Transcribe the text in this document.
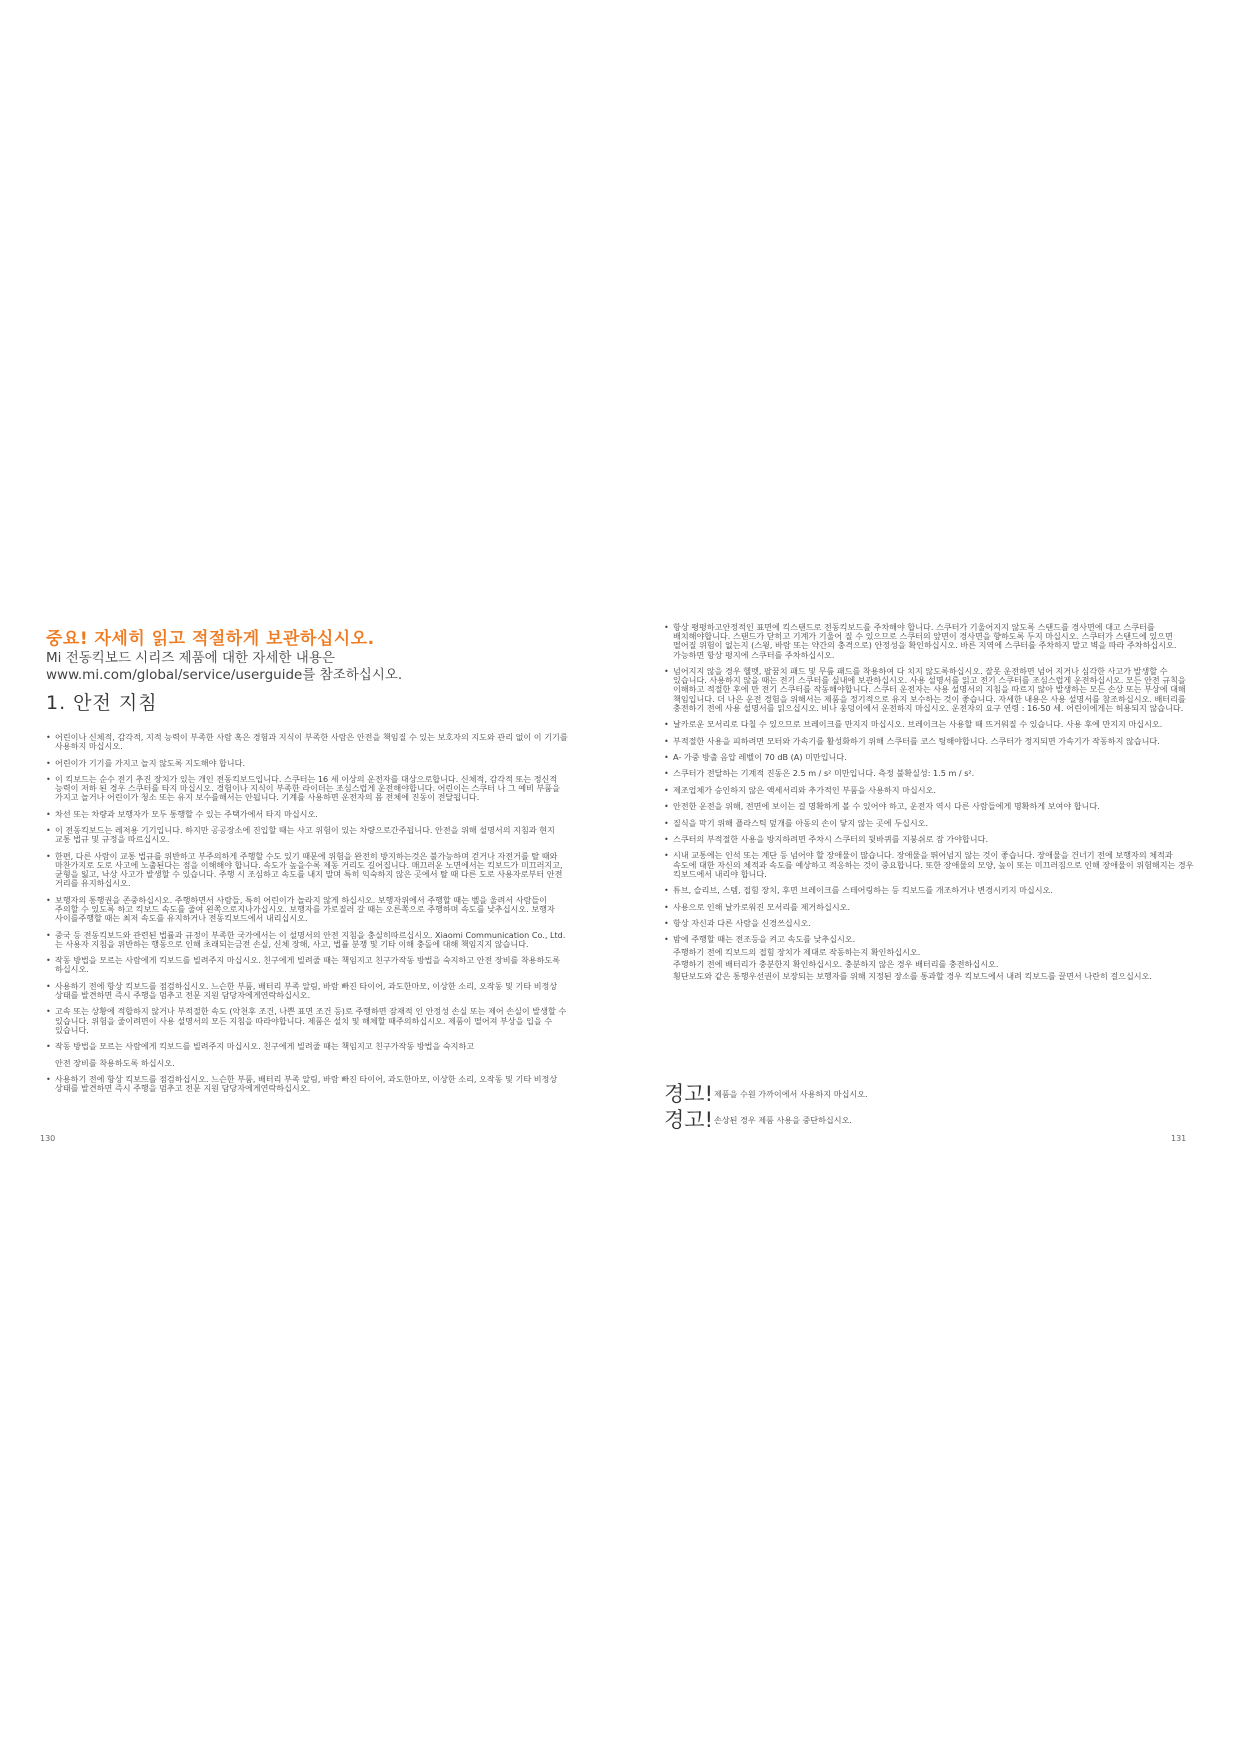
중요! 자세히 읽고 적절하게 보관하십시오.
Mi 전동킥보드 시리즈 제품에 대한 자세한 내용은
www.mi.com/global/service/userguide를 참조하십시오.
1. 안전 지침
• 어린이나 신체적, 감각적, 지적 능력이 부족한 사람 혹은 경험과 지식이 부족한 사람은 안전을 책임질 수 있는 보호자의 지도와 관리 없이 이 기기를 사용하지 마십시오.
• 어린이가 기기를 가지고 놀지 않도록 지도해야 합니다.
• 이 킥보드는 순수 전기 추진 장치가 있는 개인 전동킥보드입니다. 스쿠터는 16 세 이상의 운전자를 대상으로합니다. 신체적, 감각적 또는 정신적 능력이 저하 된 경우 스쿠터를 타지 마십시오. 경험이나 지식이 부족한 라이더는 조심스럽게 운전해야합니다. 어린이는 스쿠터 나 그 예비 부품을 가지고 놀거나 어린이가 청소 또는 유지 보수를해서는 안됩니다. 기계를 사용하면 운전자의 몸 전체에 진동이 전달됩니다.
• 차선 또는 차량과 보행자가 모두 통행할 수 있는 주택가에서 타지 마십시오.
• 이 전동킥보드는 레저용 기기입니다. 하지만 공공장소에 진입할 때는 사고 위험이 있는 차량으로간주됩니다. 안전을 위해 설명서의 지침과 현지 교통 법규 및 규정을 따르십시오.
• 한편, 다른 사람이 교통 법규를 위반하고 부주의하게 주행할 수도 있기 때문에 위험을 완전히 방지하는것은 불가능하며 걷거나 자전거를 탈 때와 마찬가지로 도로 사고에 노출된다는 점을 이해해야 합니다. 속도가 높을수록 제동 거리도 길어집니다. 매끄러운 노면에서는 킥보드가 미끄러지고, 균형을 잃고, 낙상 사고가 발생할 수 있습니다. 주행 시 조심하고 속도를 내지 말며 특히 익숙하지 않은 곳에서 탈 때 다른 도로 사용자로부터 안전 거리를 유지하십시오.
• 보행자의 통행권을 존중하십시오. 주행하면서 사람들, 특히 어린이가 놀라지 않게 하십시오. 보행자위에서 주행할 때는 벨을 울려서 사람들이 주의할 수 있도록 하고 킥보드 속도를 줄여 왼쪽으로지나가십시오. 보행자를 가로질러 갈 때는 오른쪽으로 주행하며 속도를 낮추십시오. 보행자 사이를주행할 때는 최저 속도를 유지하거나 전동킥보드에서 내리십시오.
• 중국 등 전동킥보드와 관련된 법률과 규정이 부족한 국가에서는 이 설명서의 안전 지침을 충실히따르십시오. Xiaomi Communication Co., Ltd.는 사용자 지침을 위반하는 행동으로 인해 초래되는금전 손실, 신체 장해, 사고, 법률 분쟁 및 기타 이해 충돌에 대해 책임지지 않습니다.
• 작동 방법을 모르는 사람에게 킥보드를 빌려주지 마십시오. 친구에게 빌려줄 때는 책임지고 친구가작동 방법을 숙지하고 안전 장비를 착용하도록 하십시오.
• 사용하기 전에 항상 킥보드를 점검하십시오. 느슨한 부품, 배터리 부족 알림, 바람 빠진 타이어, 과도한마모, 이상한 소리, 오작동 및 기타 비정상 상태를 발견하면 즉시 주행을 멈추고 전문 지원 담당자에게연락하십시오.
• 고속 또는 상황에 적합하지 않거나 부적절한 속도 (악천후 조건, 나쁜 표면 조건 등)로 주행하면 잠재적 인 안정성 손실 또는 제어 손실이 발생할 수 있습니다. 위험을 줄이려면이 사용 설명서의 모든 지침을 따라야합니다. 제품은 설치 및 해체할 때주의하십시오. 제품이 떨어져 부상을 입을 수 있습니다.
• 작동 방법을 모르는 사람에게 킥보드를 빌려주지 마십시오. 친구에게 빌려줄 때는 책임지고 친구가작동 방법을 숙지하고
안전 장비를 착용하도록 하십시오.
• 사용하기 전에 항상 킥보드를 점검하십시오. 느슨한 부품, 배터리 부족 알림, 바람 빠진 타이어, 과도한마모, 이상한 소리, 오작동 및 기타 비정상 상태를 발견하면 즉시 주행을 멈추고 전문 지원 담당자에게연락하십시오.
130
• 항상 평평하고안정적인 표면에 킥스탠드로 전동킥보드를 주차해야 합니다. 스쿠터가 기울어지지 않도록 스탠드를 경사면에 대고 스쿠터를 배치해야합니다. 스탠드가 닫히고 기계가 기울어 질 수 있으므로 스쿠터의 앞면이 경사면을 향하도록 두지 마십시오. 스쿠터가 스탠드에 있으면 떨어질 위험이 없는지 (스윙, 바람 또는 약간의 충격으로) 안정성을 확인하십시오. 바른 지역에 스쿠터를 주차하지 말고 벽을 따라 주차하십시오. 가능하면 항상 평지에 스쿠터를 주차하십시오.
• 넘어지지 않을 경우 헬멧, 팔꿈치 패드 및 무릎 패드를 착용하여 다 치지 않도록하십시오. 잘못 운전하면 넘어 지거나 심각한 사고가 발생할 수 있습니다. 사용하지 않을 때는 전기 스쿠터를 실내에 보관하십시오. 사용 설명서를 읽고 전기 스쿠터를 조심스럽게 운전하십시오. 모든 안전 규칙을 이해하고 적절한 후에 만 전기 스쿠터를 작동해야합니다. 스쿠터 운전자는 사용 설명서의 지침을 따르지 않아 발생하는 모든 손상 또는 부상에 대해 책임입니다. 더 나은 운전 경험을 위해서는 제품을 정기적으로 유지 보수하는 것이 좋습니다. 자세한 내용은 사용 설명서를 참조하십시오. 배터리를 충전하기 전에 사용 설명서를 읽으십시오. 비나 웅덩이에서 운전하지 마십시오. 운전자의 요구 연령 : 16-50 세. 어린이에게는 허용되지 않습니다.
• 날카로운 모서리로 다칠 수 있으므로 브레이크를 만지지 마십시오. 브레이크는 사용할 때 뜨거워질 수 있습니다. 사용 후에 만지지 마십시오.
• 부적절한 사용을 피하려면 모터와 가속기를 활성화하기 위해 스쿠터를 코스 팅해야합니다. 스쿠터가 정지되면 가속기가 작동하지 않습니다.
• A- 가중 방출 음압 레벨이 70 dB (A) 미만입니다.
• 스쿠터가 전달하는 기계적 진동은 2.5 m / s² 미만입니다. 측정 불확실성: 1.5 m / s².
• 제조업체가 승인하지 않은 액세서리와 추가적인 부품을 사용하지 마십시오.
• 안전한 운전을 위해, 전면에 보이는 걸 명확하게 볼 수 있어야 하고, 운전자 역시 다른 사람들에게 명확하게 보여야 합니다.
• 질식을 막기 위해 플라스틱 덮개를 아동의 손이 닿지 않는 곳에 두십시오.
• 스쿠터의 부적절한 사용을 방지하려면 주차시 스쿠터의 뒷바퀴를 지붕쉬로 잠 가야합니다.
• 시내 교통에는 인석 또는 계단 등 넘어야 할 장애물이 많습니다. 장애물을 뛰어넘지 않는 것이 좋습니다. 장애물을 건너기 전에 보행자의 체적과 속도에 대한 자신의 체적과 속도를 예상하고 적응하는 것이 중요합니다. 또한 장애물의 모양, 높이 또는 미끄러짐으로 인해 장애물이 위험해지는 경우 킥보드에서 내리야 합니다.
• 튜브, 슬리브, 스템, 접힘 장치, 후면 브레이크를 스테어링하는 등 킥보드를 개조하거나 변경시키지 마십시오.
• 사용으로 인해 날카로워진 모서리를 제거하십시오.
• 항상 자신과 다른 사람을 신경쓰십시오.
• 밤에 주행할 때는 전조등을 켜고 속도를 낮추십시오.
주행하기 전에 킥보드의 접힘 장치가 제대로 작동하는지 확인하십시오.
주행하기 전에 배터리가 충분한지 확인하십시오. 충분하지 않은 경우 배터리를 충전하십시오.
횡단보도와 같은 통행우선권이 보장되는 보행자를 위해 지정된 장소를 통과할 경우 킥보드에서 내려 킥보드를 끌면서 나란히 걸으십시오.
경고! 제품을 수원 가까이에서 사용하지 마십시오.
경고! 손상된 경우 제품 사용을 중단하십시오.
131
